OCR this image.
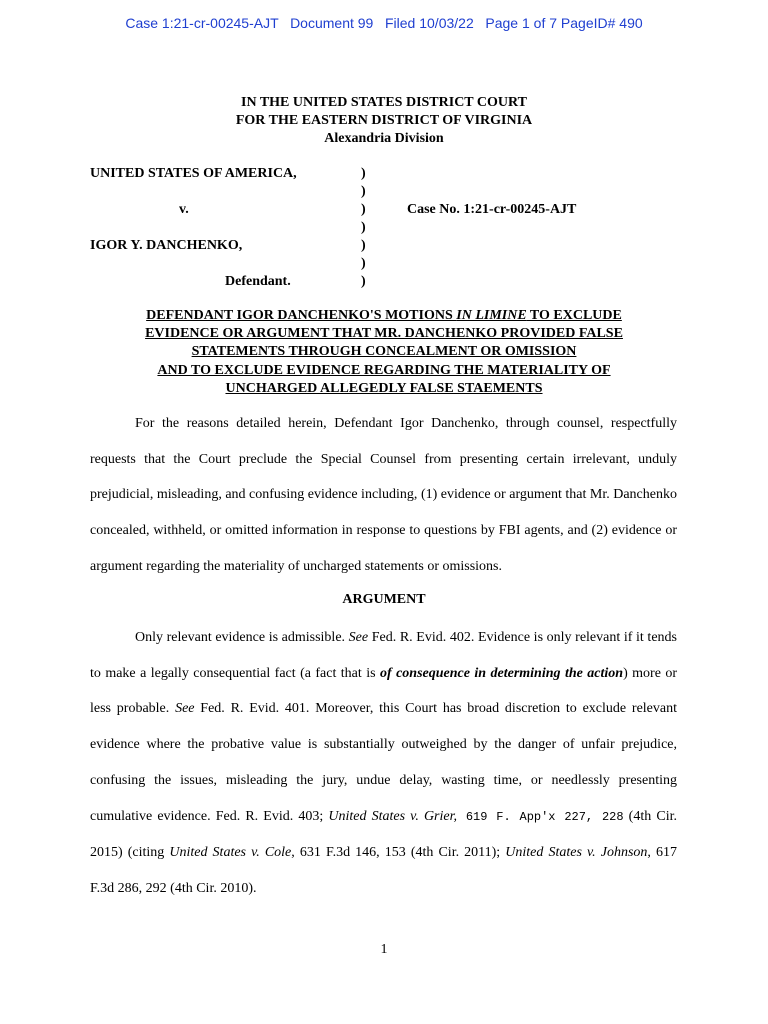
Case 1:21-cr-00245-AJT   Document 99   Filed 10/03/22   Page 1 of 7 PageID# 490
IN THE UNITED STATES DISTRICT COURT
FOR THE EASTERN DISTRICT OF VIRGINIA
Alexandria Division
UNITED STATES OF AMERICA,	)
)
v.	)	Case No. 1:21-cr-00245-AJT
)
IGOR Y. DANCHENKO,	)
)
Defendant.	)
DEFENDANT IGOR DANCHENKO'S MOTIONS IN LIMINE TO EXCLUDE
EVIDENCE OR ARGUMENT THAT MR. DANCHENKO PROVIDED FALSE
STATEMENTS THROUGH CONCEALMENT OR OMISSION
AND TO EXCLUDE EVIDENCE REGARDING THE MATERIALITY OF
UNCHARGED ALLEGEDLY FALSE STAEMENTS
For the reasons detailed herein, Defendant Igor Danchenko, through counsel, respectfully requests that the Court preclude the Special Counsel from presenting certain irrelevant, unduly prejudicial, misleading, and confusing evidence including, (1) evidence or argument that Mr. Danchenko concealed, withheld, or omitted information in response to questions by FBI agents, and (2) evidence or argument regarding the materiality of uncharged statements or omissions.
ARGUMENT
Only relevant evidence is admissible. See Fed. R. Evid. 402. Evidence is only relevant if it tends to make a legally consequential fact (a fact that is of consequence in determining the action) more or less probable. See Fed. R. Evid. 401. Moreover, this Court has broad discretion to exclude relevant evidence where the probative value is substantially outweighed by the danger of unfair prejudice, confusing the issues, misleading the jury, undue delay, wasting time, or needlessly presenting cumulative evidence. Fed. R. Evid. 403; United States v. Grier, 619 F. App'x 227, 228 (4th Cir. 2015) (citing United States v. Cole, 631 F.3d 146, 153 (4th Cir. 2011); United States v. Johnson, 617 F.3d 286, 292 (4th Cir. 2010).
1
